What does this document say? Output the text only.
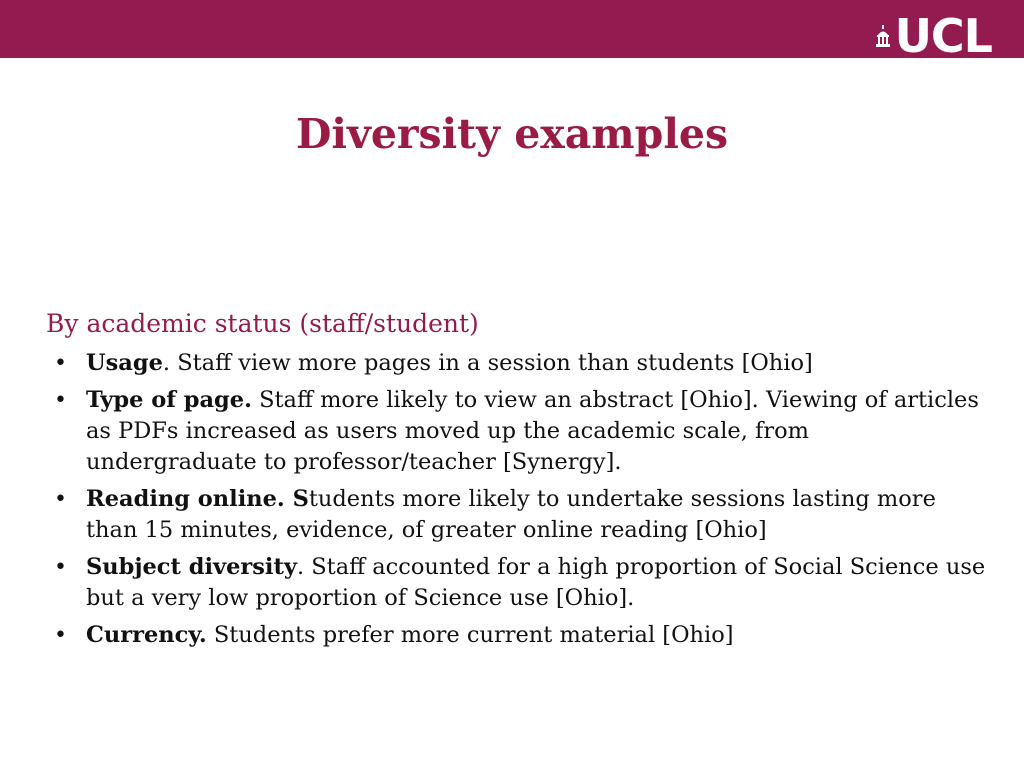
UCL
Diversity examples

By academic status (staff/student)

• Usage. Staff view more pages in a session than students [Ohio]
• Type of page. Staff more likely to view an abstract [Ohio]. Viewing of articles as PDFs increased as users moved up the academic scale, from undergraduate to professor/teacher [Synergy].
• Reading online. Students more likely to undertake sessions lasting more than 15 minutes, evidence, of greater online reading [Ohio]
• Subject diversity. Staff accounted for a high proportion of Social Science use but a very low proportion of Science use [Ohio].
• Currency. Students prefer more current material [Ohio]
